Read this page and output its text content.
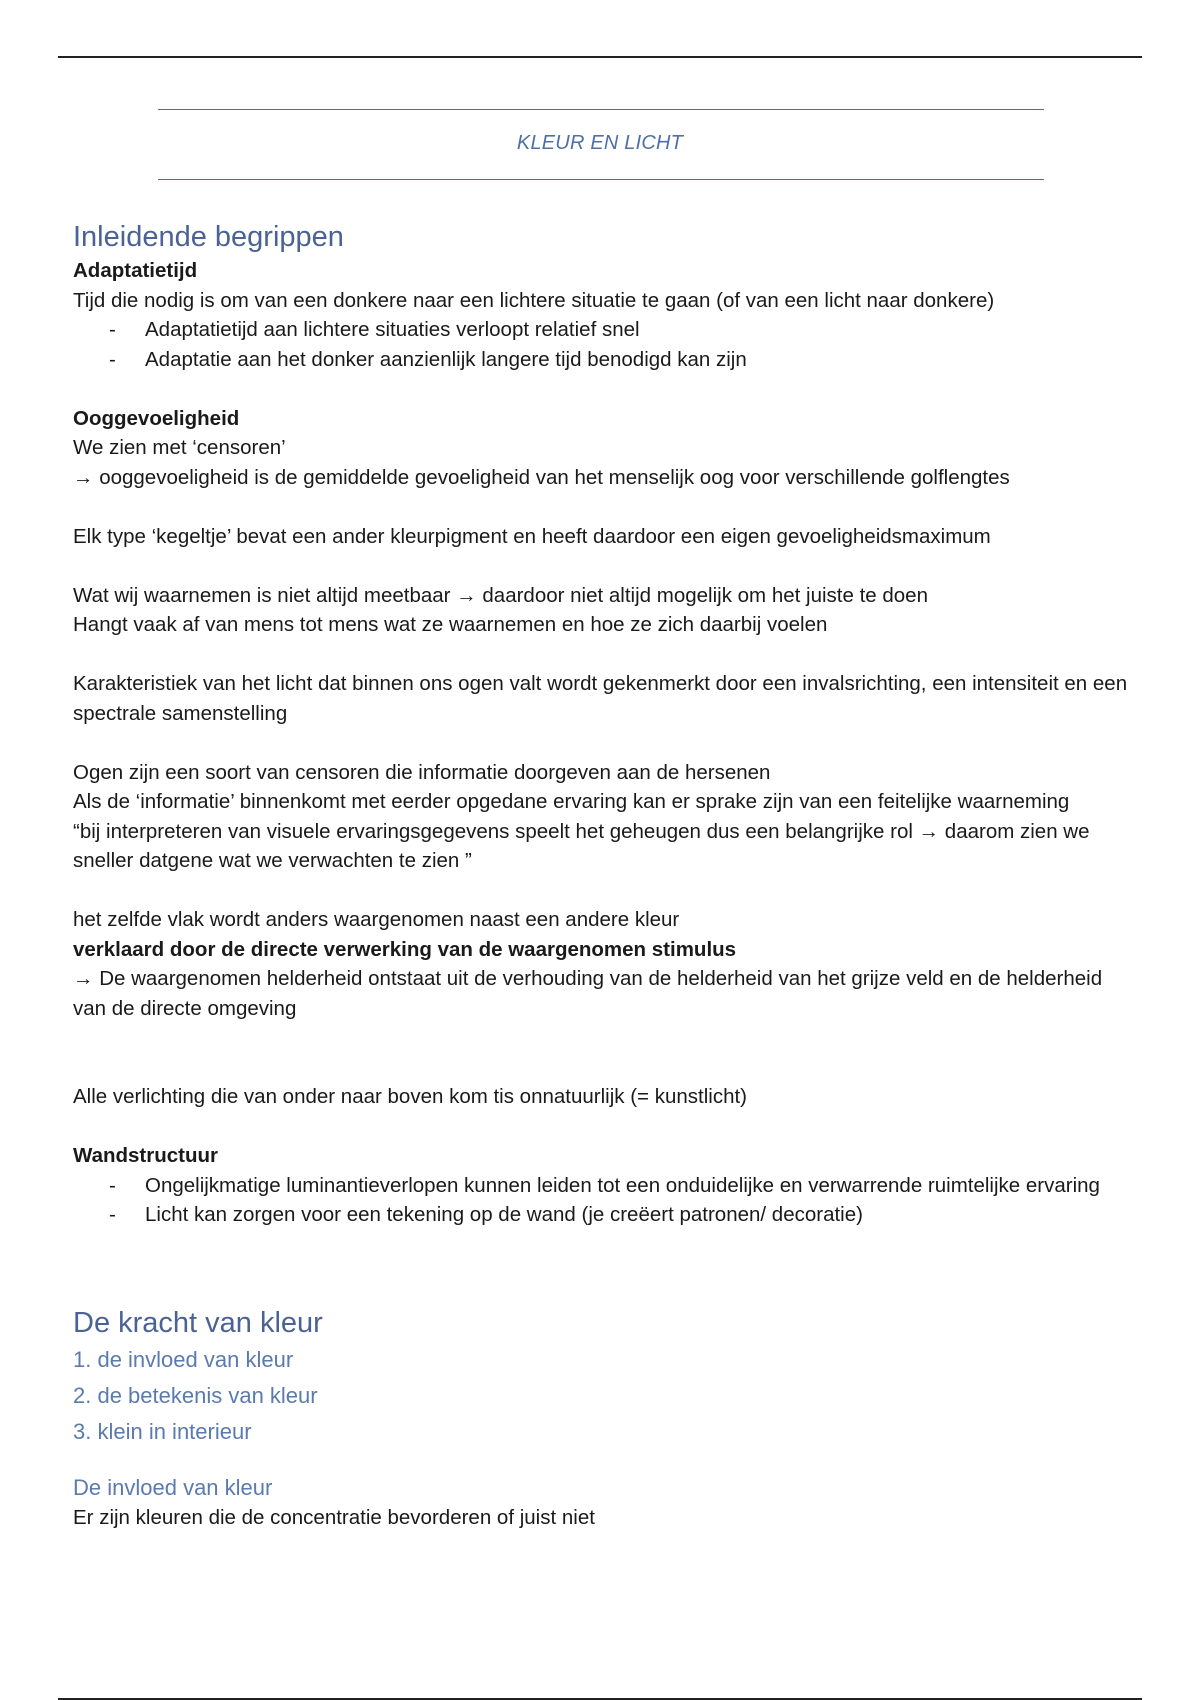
KLEUR EN LICHT
Inleidende begrippen

Adaptatietijd

Tijd die nodig is om van een donkere naar een lichtere situatie te gaan (of van een licht naar donkere)

- Adaptatietijd aan lichtere situaties verloopt relatief snel
- Adaptatie aan het donker aanzienlijk langere tijd benodigd kan zijn

Ooggevoeligheid

We zien met ‘censoren’

→ ooggevoeligheid is de gemiddelde gevoeligheid van het menselijk oog voor verschillende golflengtes

Elk type ‘kegeltje’ bevat een ander kleurpigment en heeft daardoor een eigen gevoeligheidsmaximum

Wat wij waarnemen is niet altijd meetbaar → daardoor niet altijd mogelijk om het juiste te doen

Hangt vaak af van mens tot mens wat ze waarnemen en hoe ze zich daarbij voelen

Karakteristiek van het licht dat binnen ons ogen valt wordt gekenmerkt door een invalsrichting, een intensiteit en een spectrale samenstelling

Ogen zijn een soort van censoren die informatie doorgeven aan de hersenen

Als de ‘informatie’ binnenkomt met eerder opgedane ervaring kan er sprake zijn van een feitelijke waarneming

“bij interpreteren van visuele ervaringsgegevens speelt het geheugen dus een belangrijke rol → daarom zien we sneller datgene wat we verwachten te zien ”

het zelfde vlak wordt anders waargenomen naast een andere kleur

verklaard door de directe verwerking van de waargenomen stimulus

→ De waargenomen helderheid ontstaat uit de verhouding van de helderheid van het grijze veld en de helderheid van de directe omgeving

Alle verlichting die van onder naar boven kom tis onnatuurlijk (= kunstlicht)

Wandstructuur

- Ongelijkmatige luminantieverlopen kunnen leiden tot een onduidelijke en verwarrende ruimtelijke ervaring
- Licht kan zorgen voor een tekening op de wand (je creëert patronen/ decoratie)
De kracht van kleur

1. de invloed van kleur

2. de betekenis van kleur

3. klein in interieur

De invloed van kleur

Er zijn kleuren die de concentratie bevorderen of juist niet
